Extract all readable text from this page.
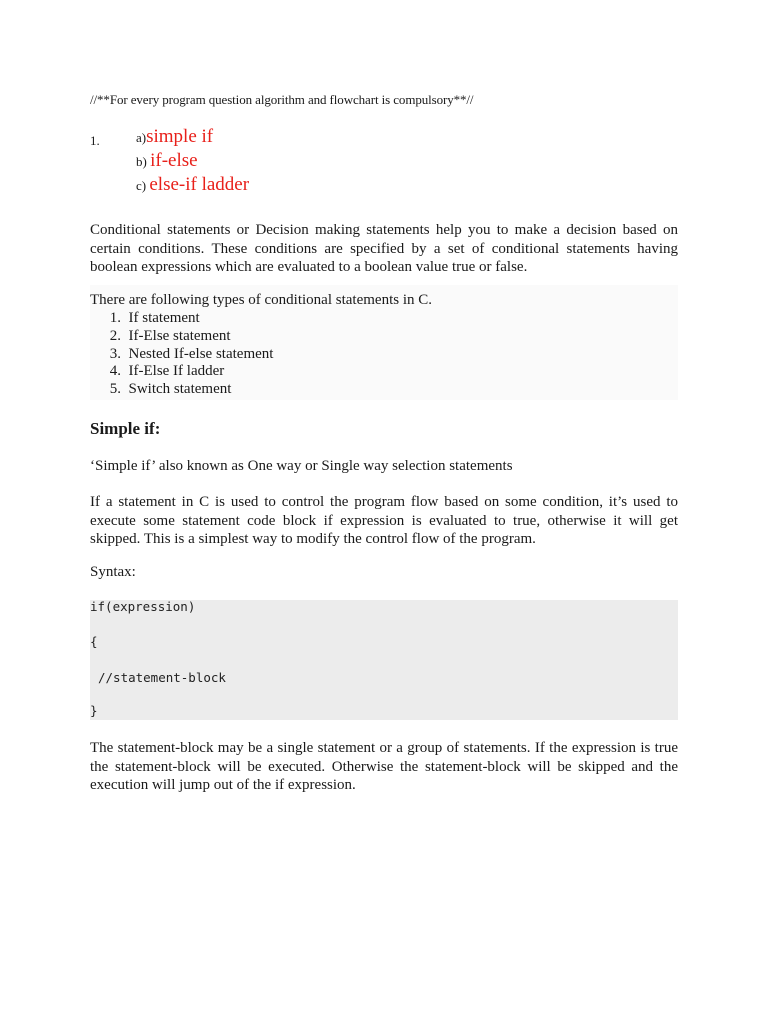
//**For every program question algorithm and flowchart is compulsory**//
1.	a)simple if
b) if-else
c) else-if ladder
Conditional statements or Decision making statements help you to make a decision based on certain conditions. These conditions are specified by a set of conditional statements having boolean expressions which are evaluated to a boolean value true or false.
There are following types of conditional statements in C.
1.
If statement
2.
If-Else statement
3.
Nested If-else statement
4.
If-Else If ladder
5.
Switch statement
Simple if:
‘Simple if’ also known as One way or Single way selection statements
If a statement in C is used to control the program flow based on some condition, it’s used to execute some statement code block if expression is evaluated to true, otherwise it will get skipped. This is a simplest way to modify the control flow of the program.
Syntax:
if(expression)
{
//statement-block
}
The statement-block may be a single statement or a group of statements. If the expression is true the statement-block will be executed. Otherwise the statement-block will be skipped and the execution will jump out of the if expression.
